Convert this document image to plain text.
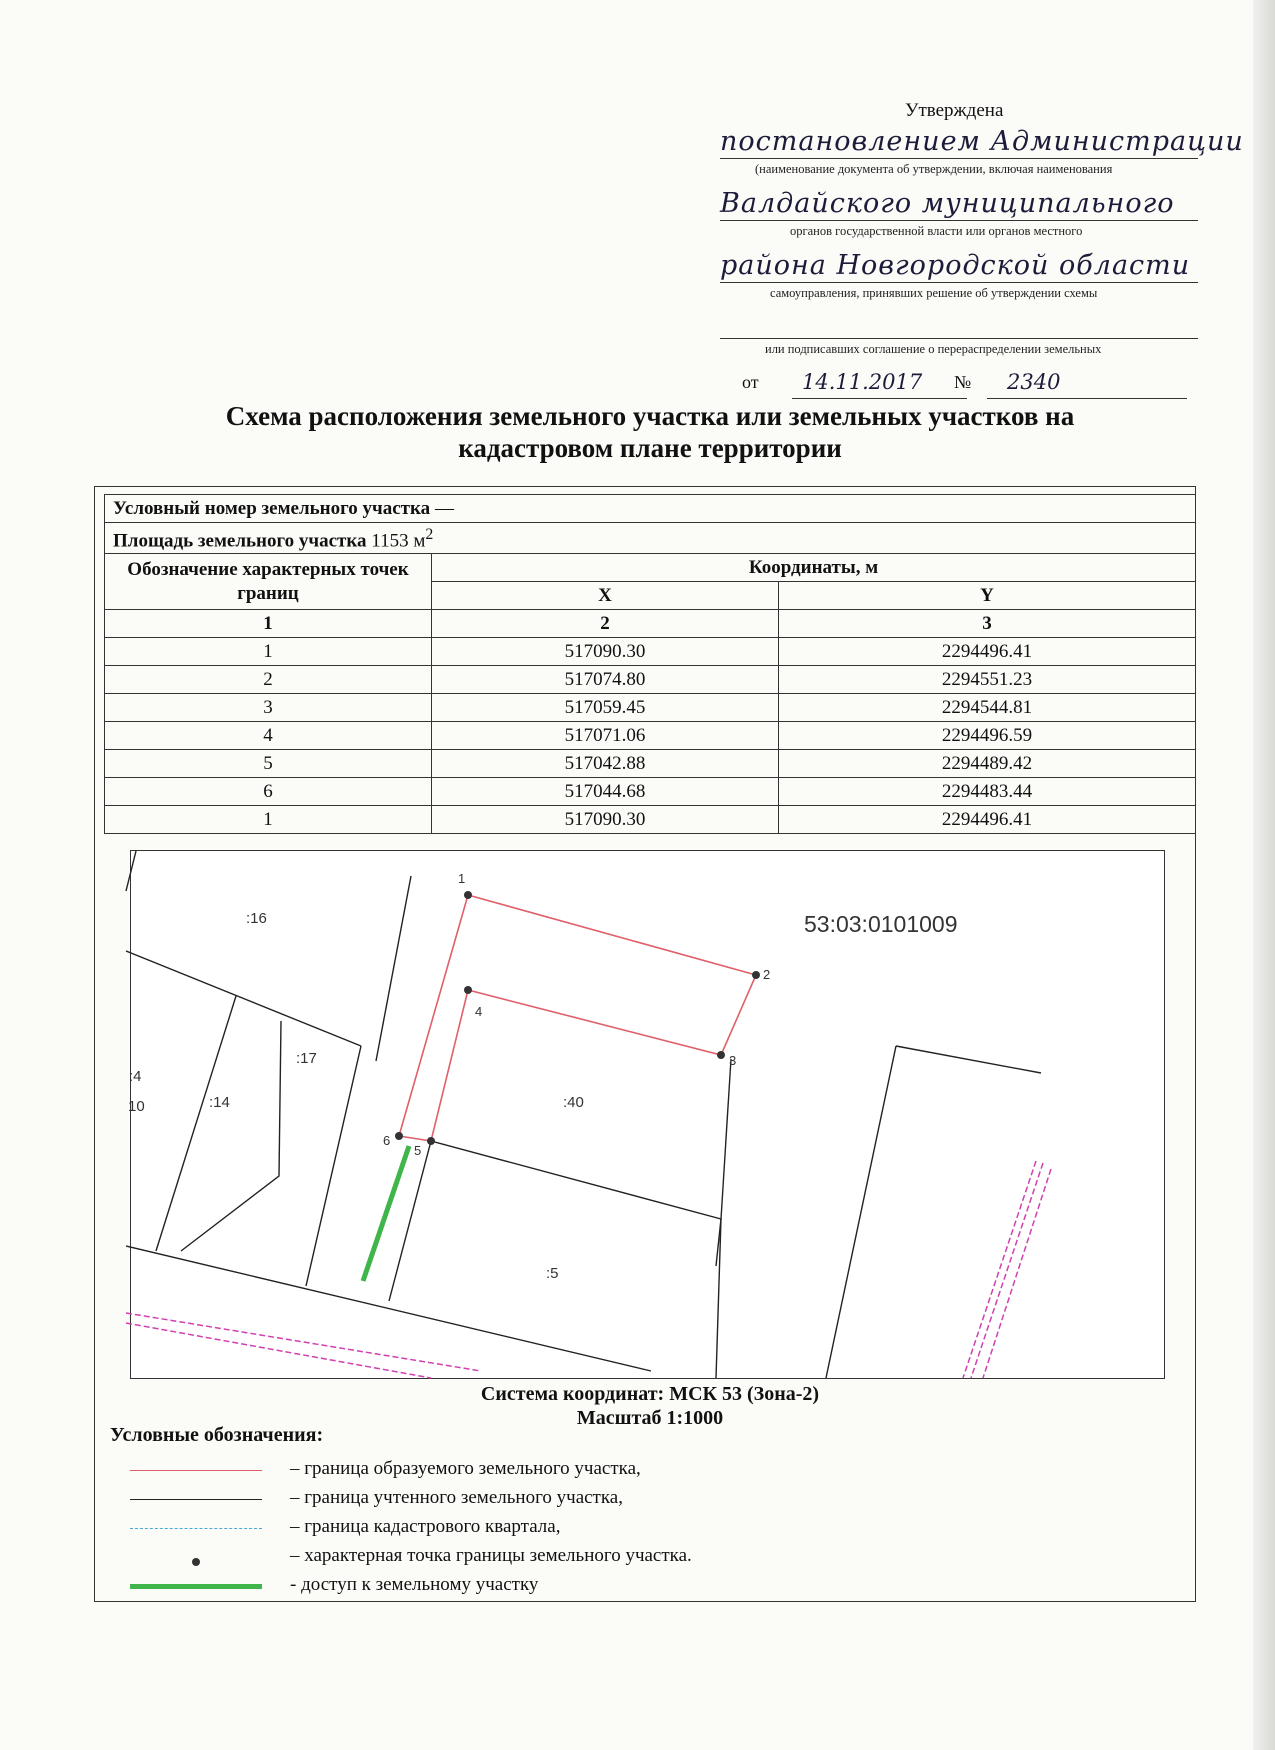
Утверждена
постановлением Администрации
(наименование документа об утверждении, включая наименования
Валдайского муниципального
органов государственной власти или органов местного
района Новгородской области
самоуправления, принявших решение об утверждении схемы
или подписавших соглашение о перераспределении земельных
от 14.11.2017 № 2340
Схема расположения земельного участка или земельных участков на
кадастровом плане территории
Условный номер земельного участка —		
Площадь земельного участка 1153 $м^2$
Обозначение характерных точек границ	Координаты, м	
	X	Y
1	2	3
1	517090.30	2294496.41
2	517074.80	2294551.23
3	517059.45	2294544.81
4	517071.06	2294496.59
5	517042.88	2294489.42
6	517044.68	2294483.44
1	517090.30	2294496.41
53:03:0101009
:16
:17
:14
:4
10	:40
:5
1
2
3
4
5
6
Система координат: МСК 53 (Зона-2)
Масштаб 1:1000
Условные обозначения:
– граница образуемого земельного участка,
– граница учтенного земельного участка,
– граница кадастрового квартала,
– характерная точка границы земельного участка.
- доступ к земельному участку
